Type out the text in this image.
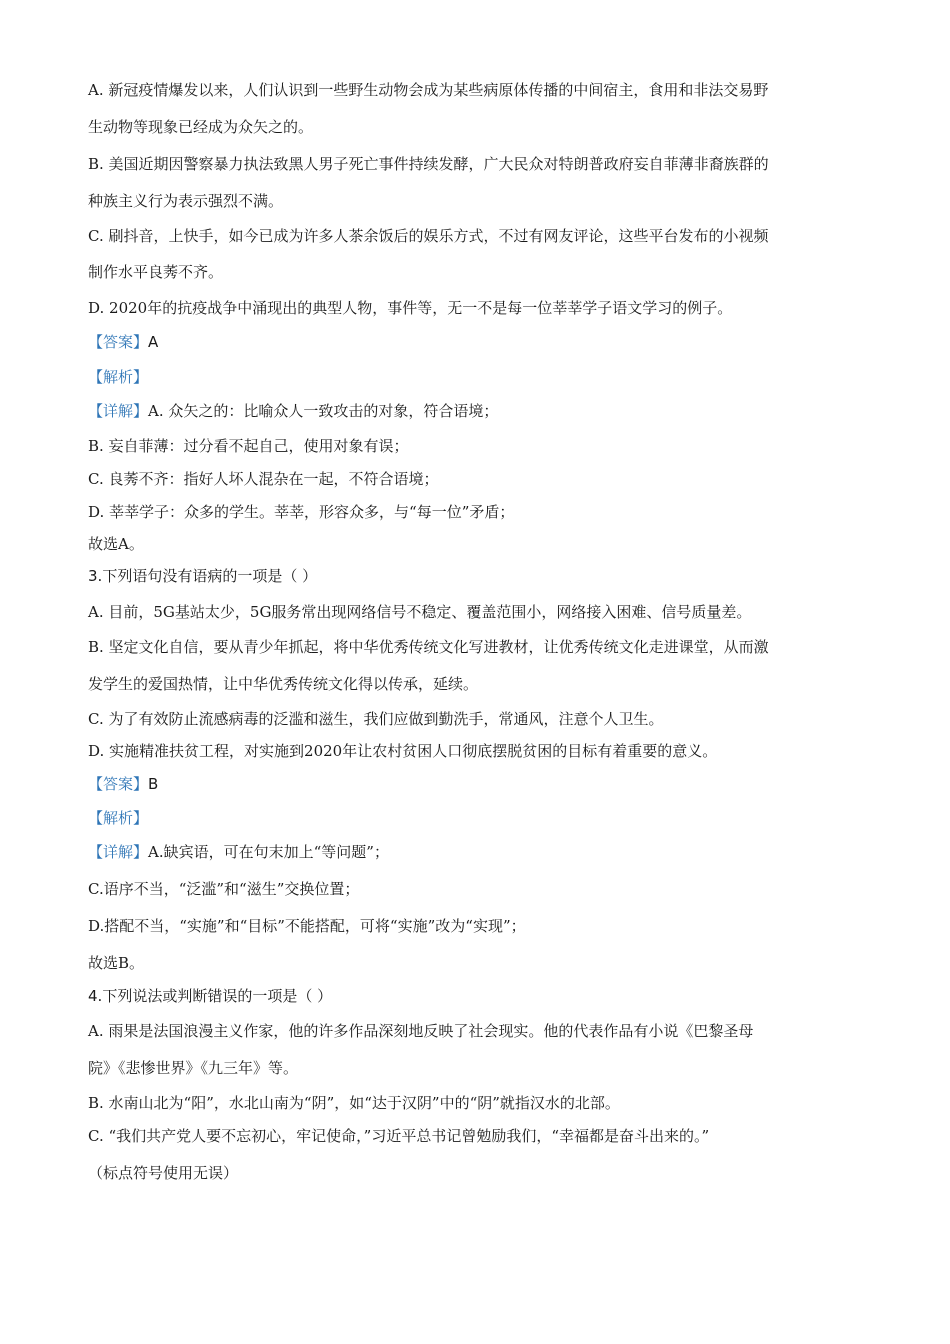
A. 新冠疫情爆发以来，人们认识到一些野生动物会成为某些病原体传播的中间宿主，食用和非法交易野
生动物等现象已经成为众矢之的。
B. 美国近期因警察暴力执法致黑人男子死亡事件持续发酵，广大民众对特朗普政府妄自菲薄非裔族群的
种族主义行为表示强烈不满。
C. 刷抖音，上快手，如今已成为许多人茶余饭后的娱乐方式，不过有网友评论，这些平台发布的小视频
制作水平良莠不齐。
D. 2020年的抗疫战争中涌现出的典型人物，事件等，无一不是每一位莘莘学子语文学习的例子。
【答案】A
【解析】
【详解】A. 众矢之的：比喻众人一致攻击的对象，符合语境；
B. 妄自菲薄：过分看不起自己，使用对象有误；
C. 良莠不齐：指好人坏人混杂在一起，不符合语境；
D. 莘莘学子：众多的学生。莘莘，形容众多，与“每一位”矛盾；
故选A。
3.下列语句没有语病的一项是（ ）
A. 目前，5G基站太少，5G服务常出现网络信号不稳定、覆盖范围小，网络接入困难、信号质量差。
B. 坚定文化自信，要从青少年抓起，将中华优秀传统文化写进教材，让优秀传统文化走进课堂，从而激
发学生的爱国热情，让中华优秀传统文化得以传承，延续。
C. 为了有效防止流感病毒的泛滥和滋生，我们应做到勤洗手，常通风，注意个人卫生。
D. 实施精准扶贫工程，对实施到2020年让农村贫困人口彻底摆脱贫困的目标有着重要的意义。
【答案】B
【解析】
【详解】A.缺宾语，可在句末加上“等问题”；
C.语序不当，“泛滥”和“滋生”交换位置；
D.搭配不当，“实施”和“目标”不能搭配，可将“实施”改为“实现”；
故选B。
4.下列说法或判断错误的一项是（ ）
A. 雨果是法国浪漫主义作家，他的许多作品深刻地反映了社会现实。他的代表作品有小说《巴黎圣母
院》《悲惨世界》《九三年》等。
B. 水南山北为“阳”，水北山南为“阴”，如“达于汉阴”中的“阴”就指汉水的北部。
C. “我们共产党人要不忘初心，牢记使命，”习近平总书记曾勉励我们，“幸福都是奋斗出来的。”
（标点符号使用无误）
